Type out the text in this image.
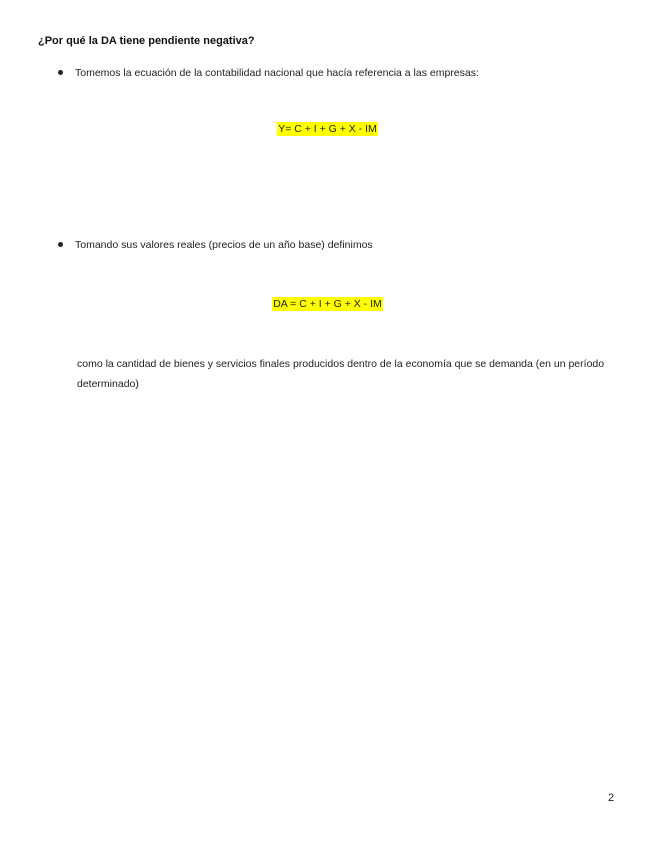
¿Por qué la DA tiene pendiente negativa?
Tomemos la ecuación de la contabilidad nacional que hacía referencia a las empresas:
Y= C + I + G + X - IM
Tomando sus valores reales (precios de un año base) definimos
DA = C + I + G + X - IM
como la cantidad de bienes y servicios finales producidos dentro de la economía que se demanda (en un período determinado)
2
